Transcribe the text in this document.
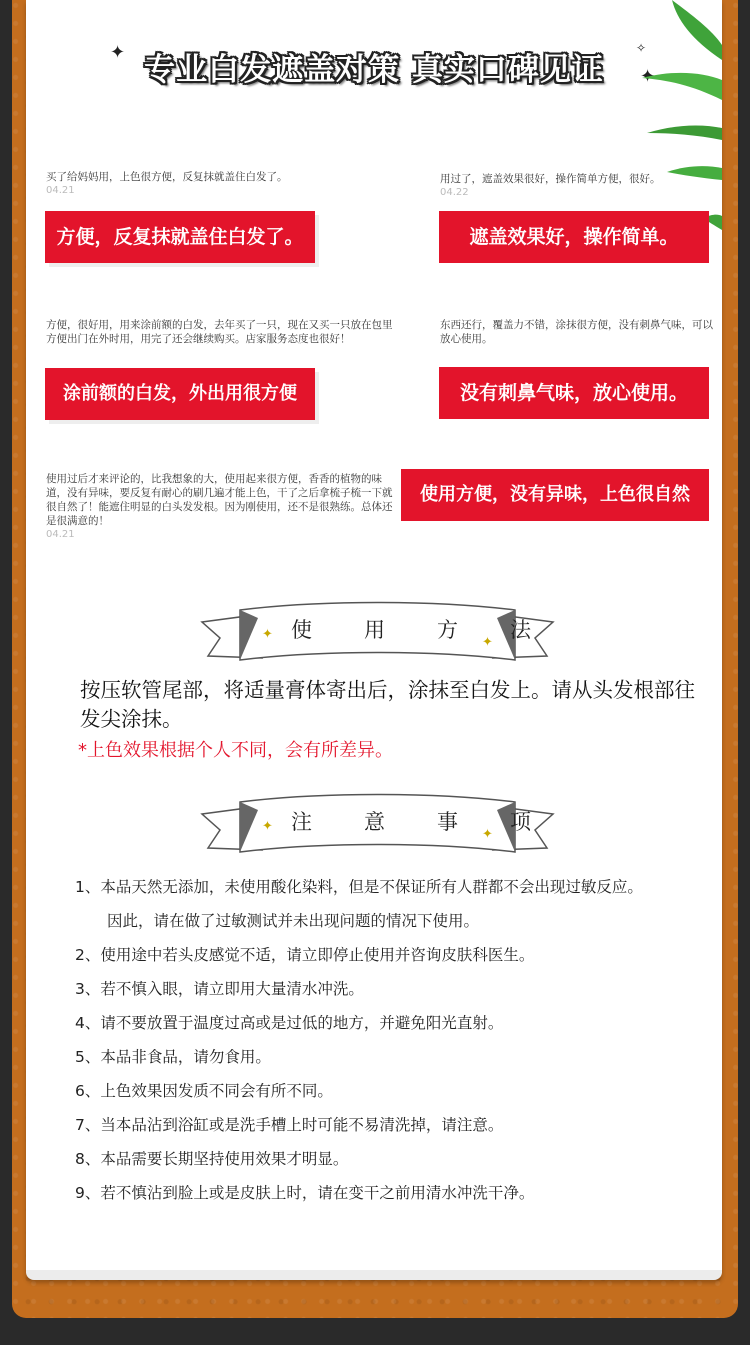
✦	✧
✦
专业白发遮盖对策 真实口碑见证
买了给妈妈用，上色很方便，反复抹就盖住白发了。
04.21
方便，反复抹就盖住白发了。
用过了，遮盖效果很好，操作简单方便，很好。
04.22
遮盖效果好，操作简单。
方便，很好用，用来涂前额的白发，去年买了一只，现在又买一只放在包里方便出门在外时用，用完了还会继续购买。店家服务态度也很好！
涂前额的白发，外出用很方便
东西还行，覆盖力不错，涂抹很方便，没有刺鼻气味，可以放心使用。
没有刺鼻气味，放心使用。
使用过后才来评论的，比我想象的大，使用起来很方便，香香的植物的味道，没有异味，要反复有耐心的刷几遍才能上色，干了之后拿梳子梳一下就很自然了！能遮住明显的白头发发根。因为刚使用，还不是很熟练。总体还是很满意的！
04.21
使用方便，没有异味，上色很自然
✦
✦
使 用 方 法
按压软管尾部，将适量膏体寄出后，涂抹至白发上。请从头发根部往发尖涂抹。
*上色效果根据个人不同，会有所差异。
✦
✦
注 意 事 项
1、本品天然无添加，未使用酸化染料，但是不保证所有人群都不会出现过敏反应。
因此，请在做了过敏测试并未出现问题的情况下使用。
2、使用途中若头皮感觉不适，请立即停止使用并咨询皮肤科医生。
3、若不慎入眼，请立即用大量清水冲洗。
4、请不要放置于温度过高或是过低的地方，并避免阳光直射。
5、本品非食品，请勿食用。
6、上色效果因发质不同会有所不同。
7、当本品沾到浴缸或是洗手槽上时可能不易清洗掉，请注意。
8、本品需要长期坚持使用效果才明显。
9、若不慎沾到脸上或是皮肤上时，请在变干之前用清水冲洗干净。
